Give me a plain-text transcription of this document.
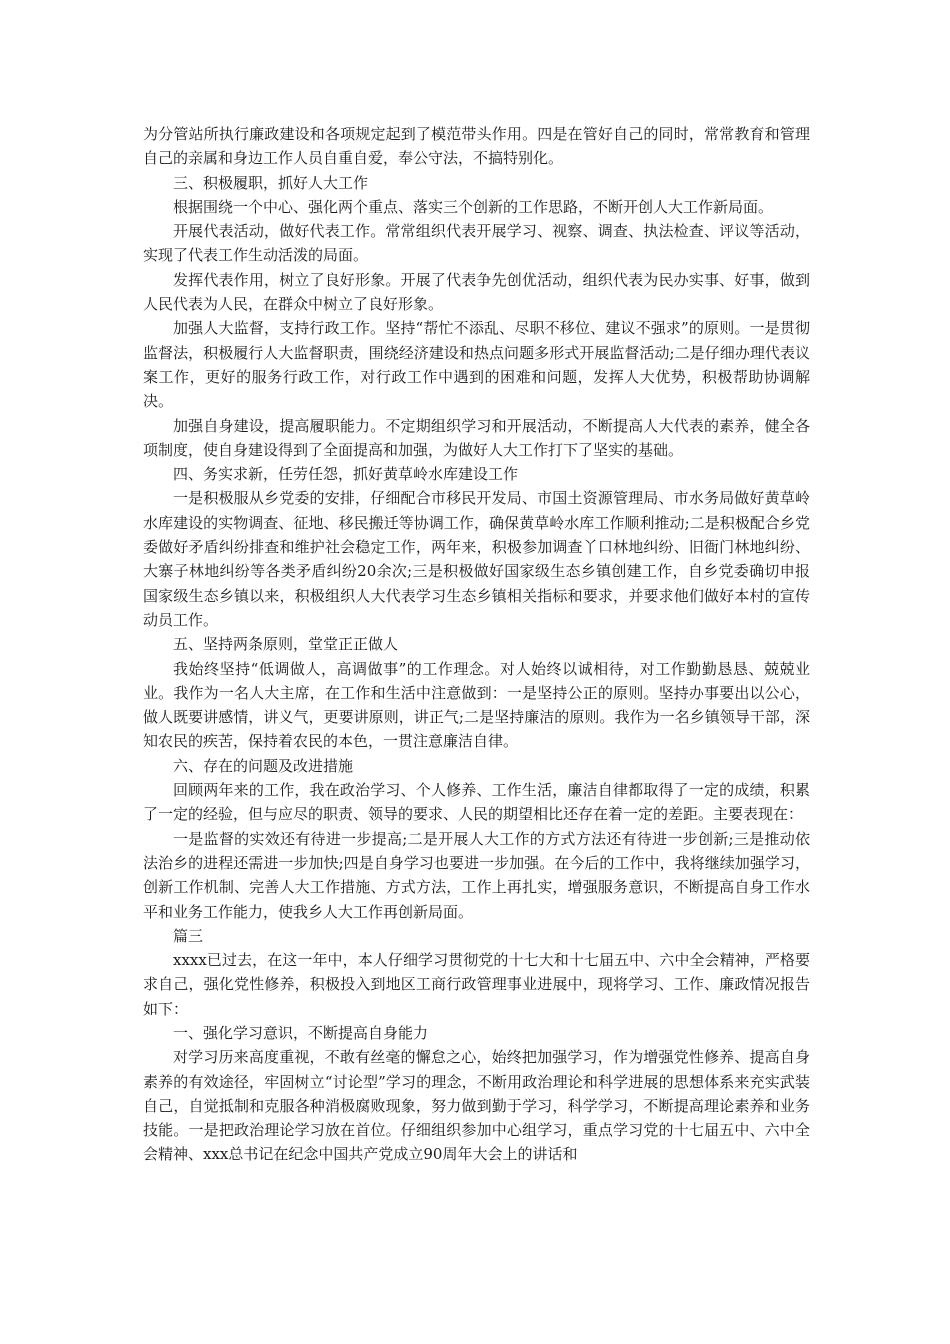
为分管站所执行廉政建设和各项规定起到了模范带头作用。四是在管好自己的同时，常常教育和管理自己的亲属和身边工作人员自重自爱，奉公守法，不搞特别化。

三、积极履职，抓好人大工作

根据围绕一个中心、强化两个重点、落实三个创新的工作思路，不断开创人大工作新局面。

开展代表活动，做好代表工作。常常组织代表开展学习、视察、调查、执法检查、评议等活动，实现了代表工作生动活泼的局面。

发挥代表作用，树立了良好形象。开展了代表争先创优活动，组织代表为民办实事、好事，做到人民代表为人民，在群众中树立了良好形象。

加强人大监督，支持行政工作。坚持“帮忙不添乱、尽职不移位、建议不强求”的原则。一是贯彻监督法，积极履行人大监督职责，围绕经济建设和热点问题多形式开展监督活动;二是仔细办理代表议案工作，更好的服务行政工作，对行政工作中遇到的困难和问题，发挥人大优势，积极帮助协调解决。

加强自身建设，提高履职能力。不定期组织学习和开展活动，不断提高人大代表的素养，健全各项制度，使自身建设得到了全面提高和加强，为做好人大工作打下了坚实的基础。

四、务实求新，任劳任怨，抓好黄草岭水库建设工作

一是积极服从乡党委的安排，仔细配合市移民开发局、市国土资源管理局、市水务局做好黄草岭水库建设的实物调查、征地、移民搬迁等协调工作，确保黄草岭水库工作顺利推动;二是积极配合乡党委做好矛盾纠纷排查和维护社会稳定工作，两年来，积极参加调查丫口林地纠纷、旧衙门林地纠纷、大寨子林地纠纷等各类矛盾纠纷20余次;三是积极做好国家级生态乡镇创建工作，自乡党委确切申报国家级生态乡镇以来，积极组织人大代表学习生态乡镇相关指标和要求，并要求他们做好本村的宣传动员工作。

五、坚持两条原则，堂堂正正做人

我始终坚持“低调做人，高调做事”的工作理念。对人始终以诚相待，对工作勤勤恳恳、兢兢业业。我作为一名人大主席，在工作和生活中注意做到：一是坚持公正的原则。坚持办事要出以公心，做人既要讲感情，讲义气，更要讲原则，讲正气;二是坚持廉洁的原则。我作为一名乡镇领导干部，深知农民的疾苦，保持着农民的本色，一贯注意廉洁自律。

六、存在的问题及改进措施

回顾两年来的工作，我在政治学习、个人修养、工作生活，廉洁自律都取得了一定的成绩，积累了一定的经验，但与应尽的职责、领导的要求、人民的期望相比还存在着一定的差距。主要表现在：

一是监督的实效还有待进一步提高;二是开展人大工作的方式方法还有待进一步创新;三是推动依法治乡的进程还需进一步加快;四是自身学习也要进一步加强。在今后的工作中，我将继续加强学习，创新工作机制、完善人大工作措施、方式方法，工作上再扎实，增强服务意识，不断提高自身工作水平和业务工作能力，使我乡人大工作再创新局面。

篇三

xxxx已过去，在这一年中，本人仔细学习贯彻党的十七大和十七届五中、六中全会精神，严格要求自己，强化党性修养，积极投入到地区工商行政管理事业进展中，现将学习、工作、廉政情况报告如下：

一、强化学习意识，不断提高自身能力

对学习历来高度重视，不敢有丝毫的懈怠之心，始终把加强学习，作为增强党性修养、提高自身素养的有效途径，牢固树立“讨论型”学习的理念，不断用政治理论和科学进展的思想体系来充实武装自己，自觉抵制和克服各种消极腐败现象，努力做到勤于学习，科学学习，不断提高理论素养和业务技能。一是把政治理论学习放在首位。仔细组织参加中心组学习，重点学习党的十七届五中、六中全会精神、xxx总书记在纪念中国共产党成立90周年大会上的讲话和
